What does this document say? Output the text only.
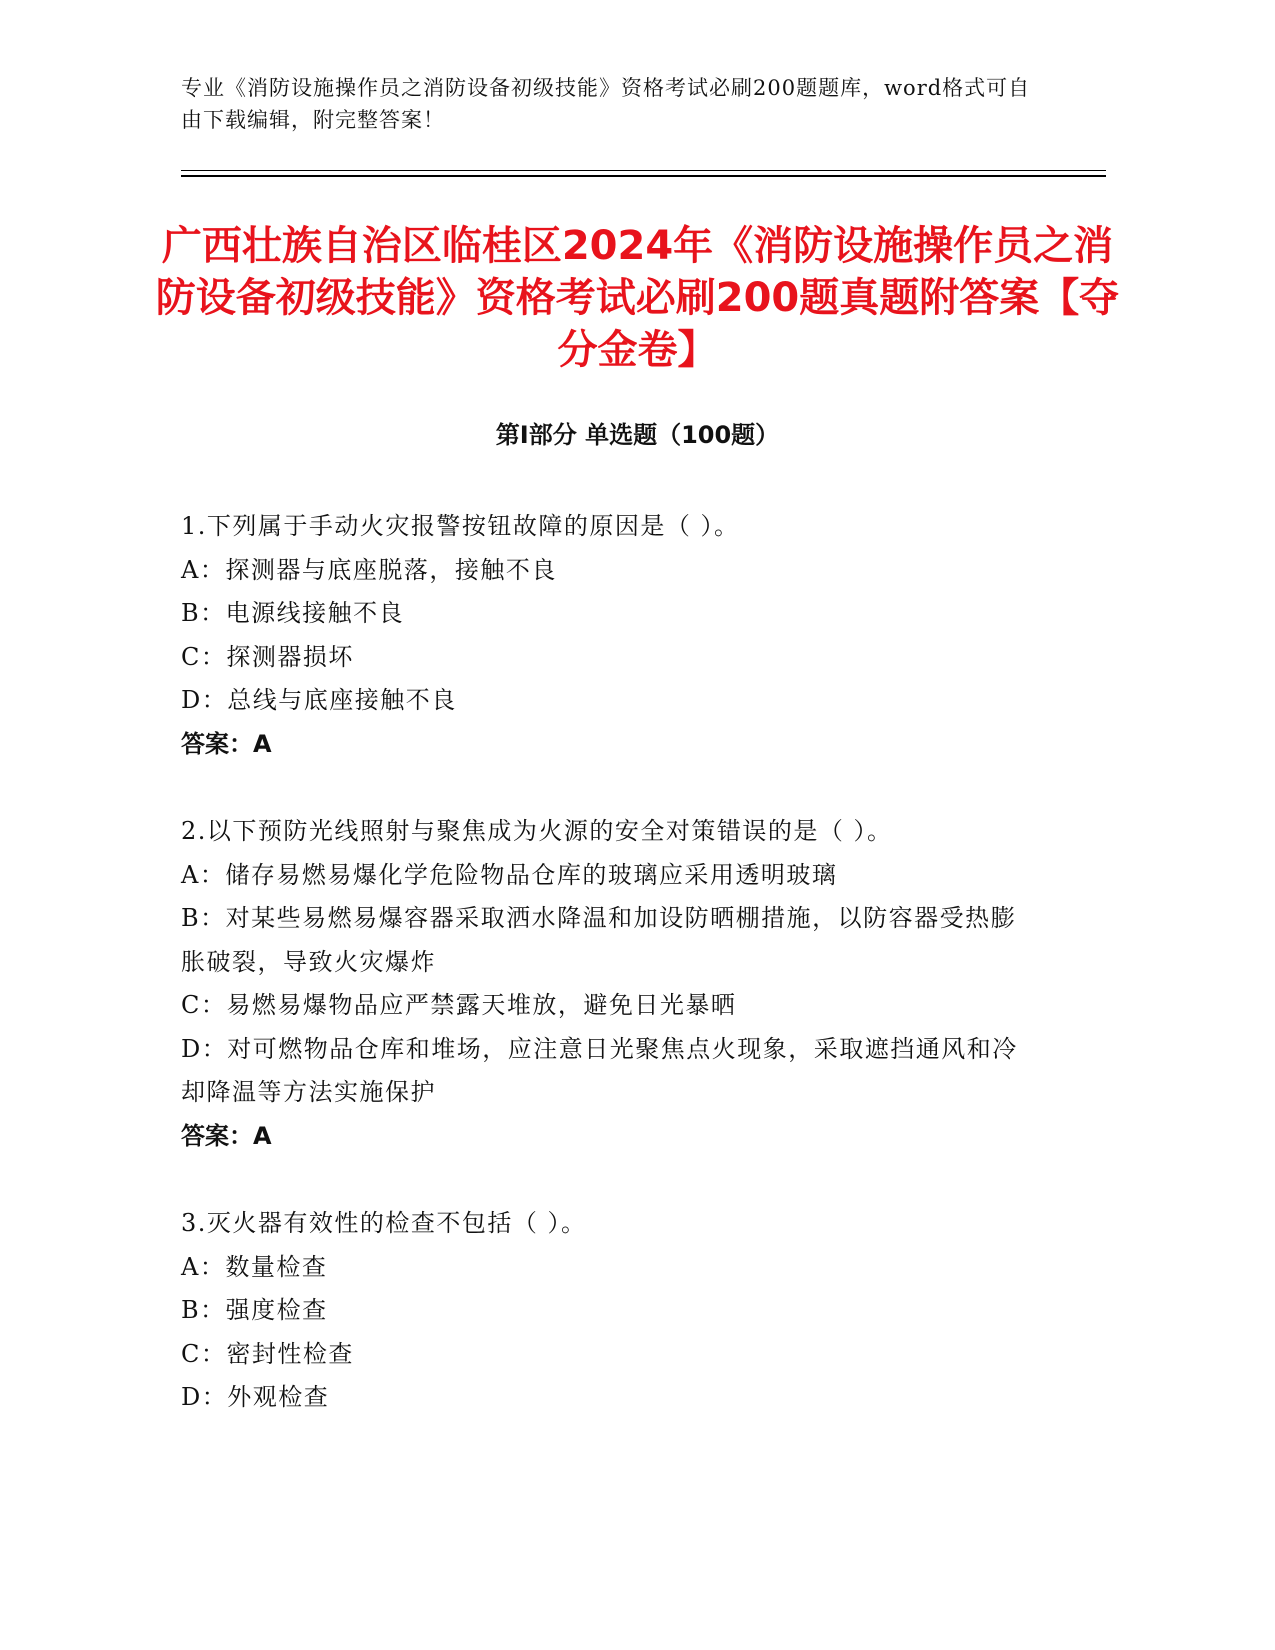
专业《消防设施操作员之消防设备初级技能》资格考试必刷200题题库，word格式可自由下载编辑，附完整答案！
广西壮族自治区临桂区2024年《消防设施操作员之消防设备初级技能》资格考试必刷200题真题附答案【夺分金卷】
第Ⅰ部分 单选题（100题）

1.下列属于手动火灾报警按钮故障的原因是（ ）。

A：探测器与底座脱落，接触不良

B：电源线接触不良

C：探测器损坏

D：总线与底座接触不良

答案：A

2.以下预防光线照射与聚焦成为火源的安全对策错误的是（ ）。

A：储存易燃易爆化学危险物品仓库的玻璃应采用透明玻璃

B：对某些易燃易爆容器采取洒水降温和加设防晒棚措施，以防容器受热膨胀破裂，导致火灾爆炸

C：易燃易爆物品应严禁露天堆放，避免日光暴晒

D：对可燃物品仓库和堆场，应注意日光聚焦点火现象，采取遮挡通风和冷却降温等方法实施保护

答案：A

3.灭火器有效性的检查不包括（ ）。

A：数量检查

B：强度检查

C：密封性检查

D：外观检查
